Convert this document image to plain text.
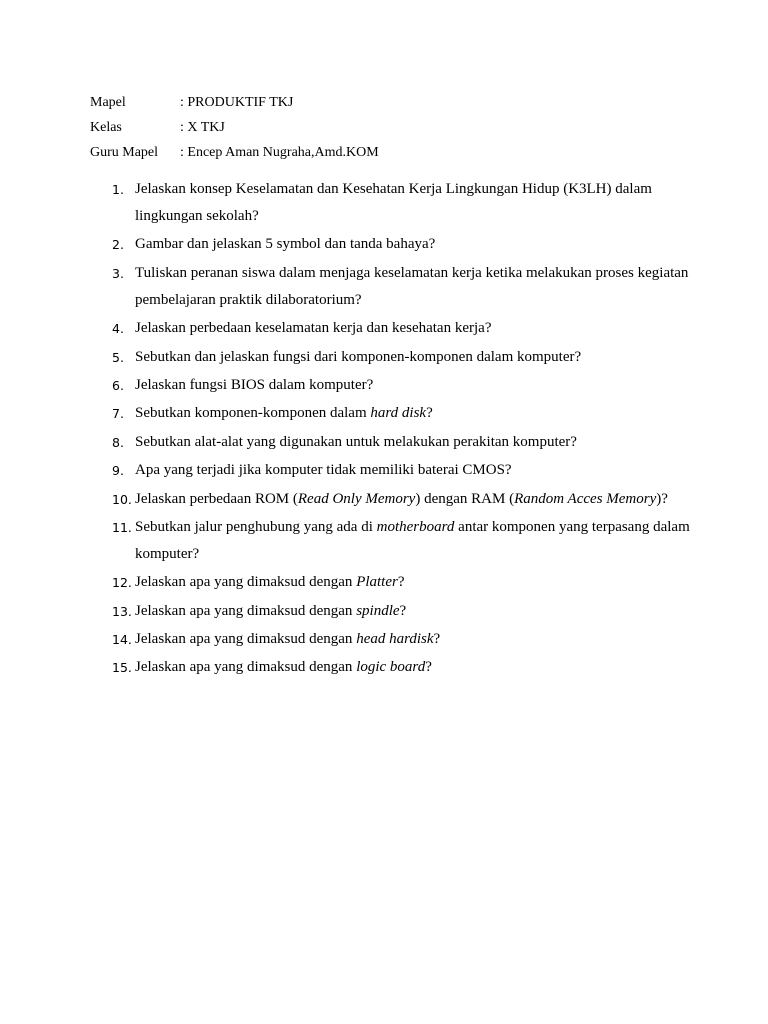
Mapel	: PRODUKTIF TKJ
Kelas	: X TKJ
Guru Mapel	: Encep Aman Nugraha,Amd.KOM
1. Jelaskan konsep Keselamatan dan Kesehatan Kerja Lingkungan Hidup (K3LH) dalam lingkungan sekolah?
2. Gambar dan jelaskan 5 symbol dan tanda bahaya?
3. Tuliskan peranan siswa dalam menjaga keselamatan kerja ketika melakukan proses kegiatan pembelajaran praktik dilaboratorium?
4. Jelaskan perbedaan keselamatan kerja dan kesehatan kerja?
5. Sebutkan dan jelaskan fungsi dari komponen-komponen dalam komputer?
6. Jelaskan fungsi BIOS dalam komputer?
7. Sebutkan komponen-komponen dalam hard disk?
8. Sebutkan alat-alat yang digunakan untuk melakukan perakitan komputer?
9. Apa yang terjadi jika komputer tidak memiliki baterai CMOS?
10. Jelaskan perbedaan ROM (Read Only Memory) dengan RAM (Random Acces Memory)?
11. Sebutkan jalur penghubung yang ada di motherboard antar komponen yang terpasang dalam komputer?
12. Jelaskan apa yang dimaksud dengan Platter?
13. Jelaskan apa yang dimaksud dengan spindle?
14. Jelaskan apa yang dimaksud dengan head hardisk?
15. Jelaskan apa yang dimaksud dengan logic board?
